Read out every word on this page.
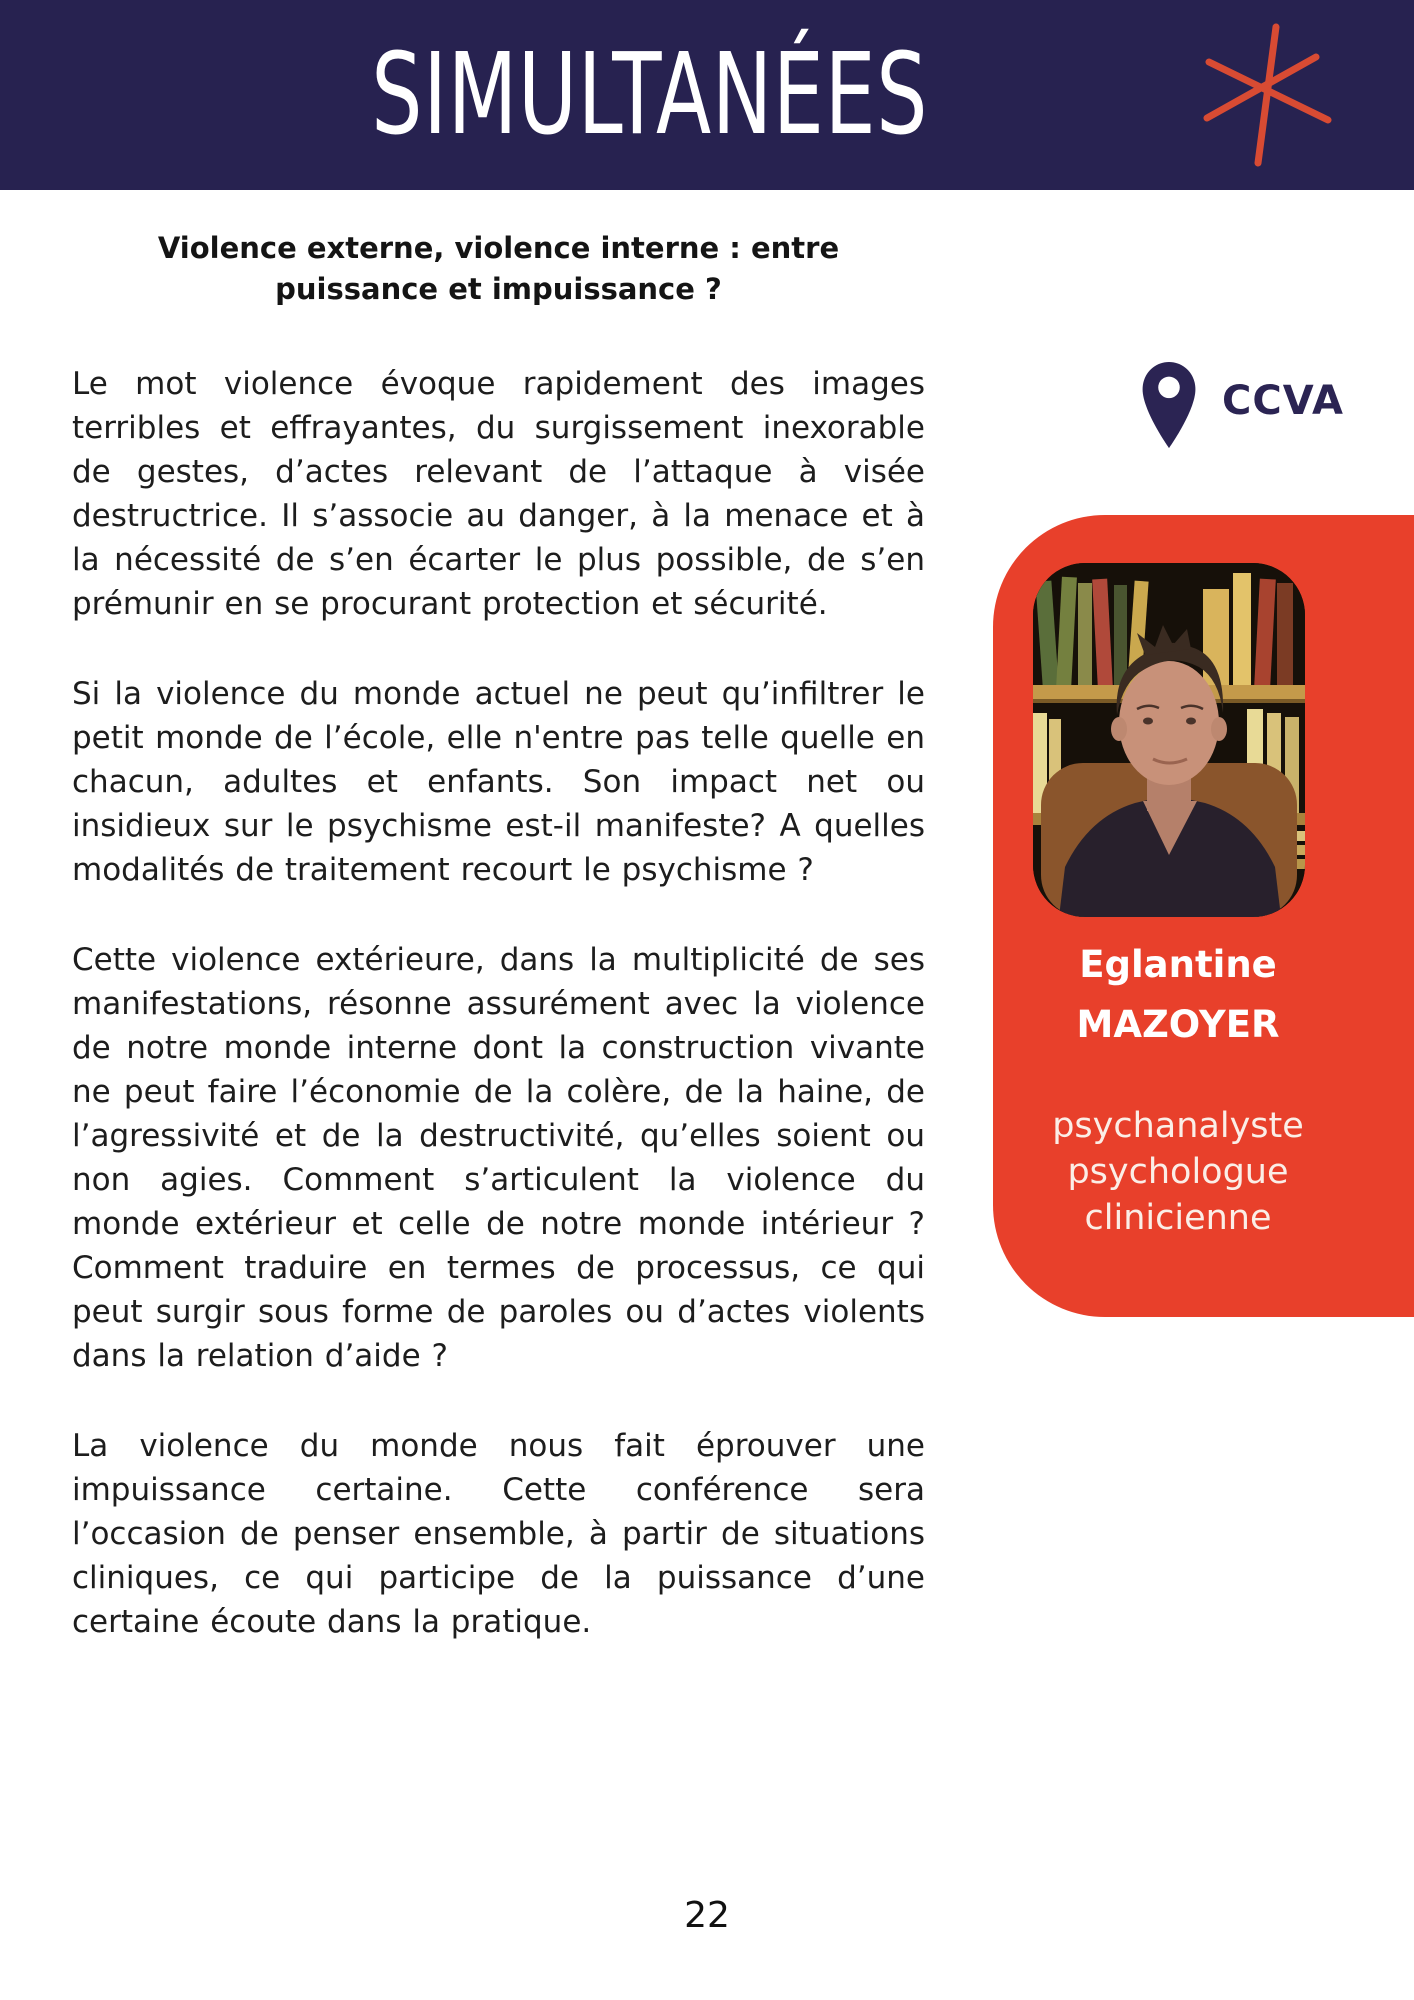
SIMULTANÉES
Violence externe, violence interne : entre
puissance et impuissance ?

Le mot violence évoque rapidement des images terribles et effrayantes, du surgissement inexorable de gestes, d’actes relevant de l’attaque à visée destructrice. Il s’associe au danger, à la menace et à la nécessité de s’en écarter le plus possible, de s’en prémunir en se procurant protection et sécurité.

Si la violence du monde actuel ne peut qu’infiltrer le petit monde de l’école, elle n'entre pas telle quelle en chacun, adultes et enfants. Son impact net ou insidieux sur le psychisme est-il manifeste? A quelles modalités de traitement recourt le psychisme ?

Cette violence extérieure, dans la multiplicité de ses manifestations, résonne assurément avec la violence de notre monde interne dont la construction vivante ne peut faire l’économie de la colère, de la haine, de l’agressivité et de la destructivité, qu’elles soient ou non agies. Comment s’articulent la violence du monde extérieur et celle de notre monde intérieur ? Comment traduire en termes de processus, ce qui peut surgir sous forme de paroles ou d’actes violents dans la relation d’aide ?

La violence du monde nous fait éprouver une impuissance certaine. Cette conférence sera l’occasion de penser ensemble, à partir de situations cliniques, ce qui participe de la puissance d’une certaine écoute dans la pratique.

CCVA
Eglantine
MAZOYER
psychanalyste
psychologue
clinicienne
22
